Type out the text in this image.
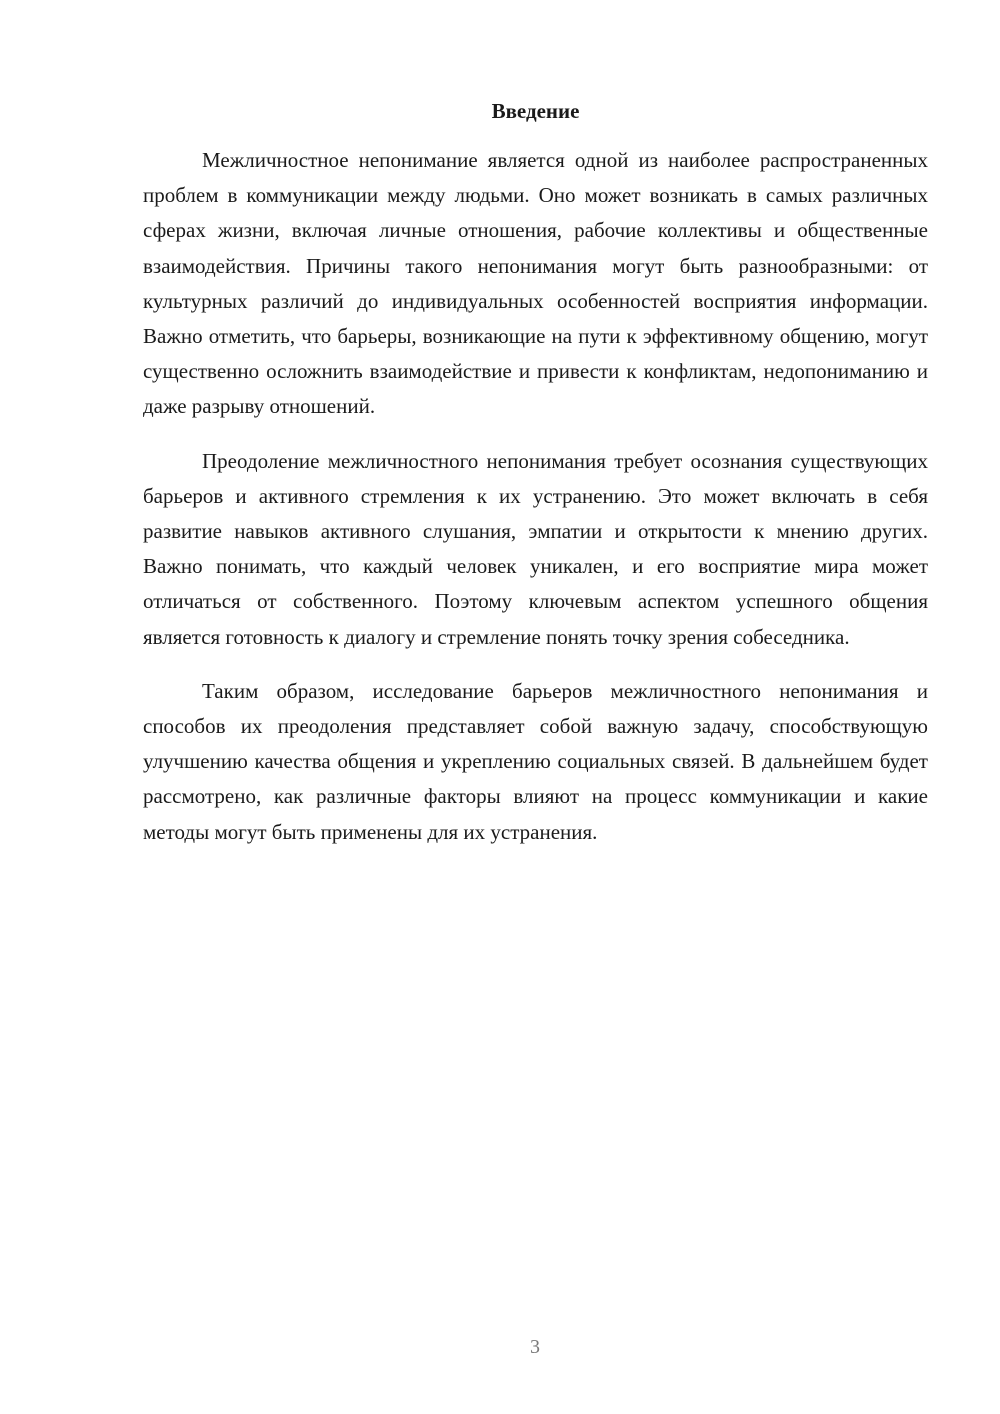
Введение

Межличностное непонимание является одной из наиболее распространенных проблем в коммуникации между людьми. Оно может возникать в самых различных сферах жизни, включая личные отношения, рабочие коллективы и общественные взаимодействия. Причины такого непонимания могут быть разнообразными: от культурных различий до индивидуальных особенностей восприятия информации. Важно отметить, что барьеры, возникающие на пути к эффективному общению, могут существенно осложнить взаимодействие и привести к конфликтам, недопониманию и даже разрыву отношений.

Преодоление межличностного непонимания требует осознания существующих барьеров и активного стремления к их устранению. Это может включать в себя развитие навыков активного слушания, эмпатии и открытости к мнению других. Важно понимать, что каждый человек уникален, и его восприятие мира может отличаться от собственного. Поэтому ключевым аспектом успешного общения является готовность к диалогу и стремление понять точку зрения собеседника.

Таким образом, исследование барьеров межличностного непонимания и способов их преодоления представляет собой важную задачу, способствующую улучшению качества общения и укреплению социальных связей. В дальнейшем будет рассмотрено, как различные факторы влияют на процесс коммуникации и какие методы могут быть применены для их устранения.

3
